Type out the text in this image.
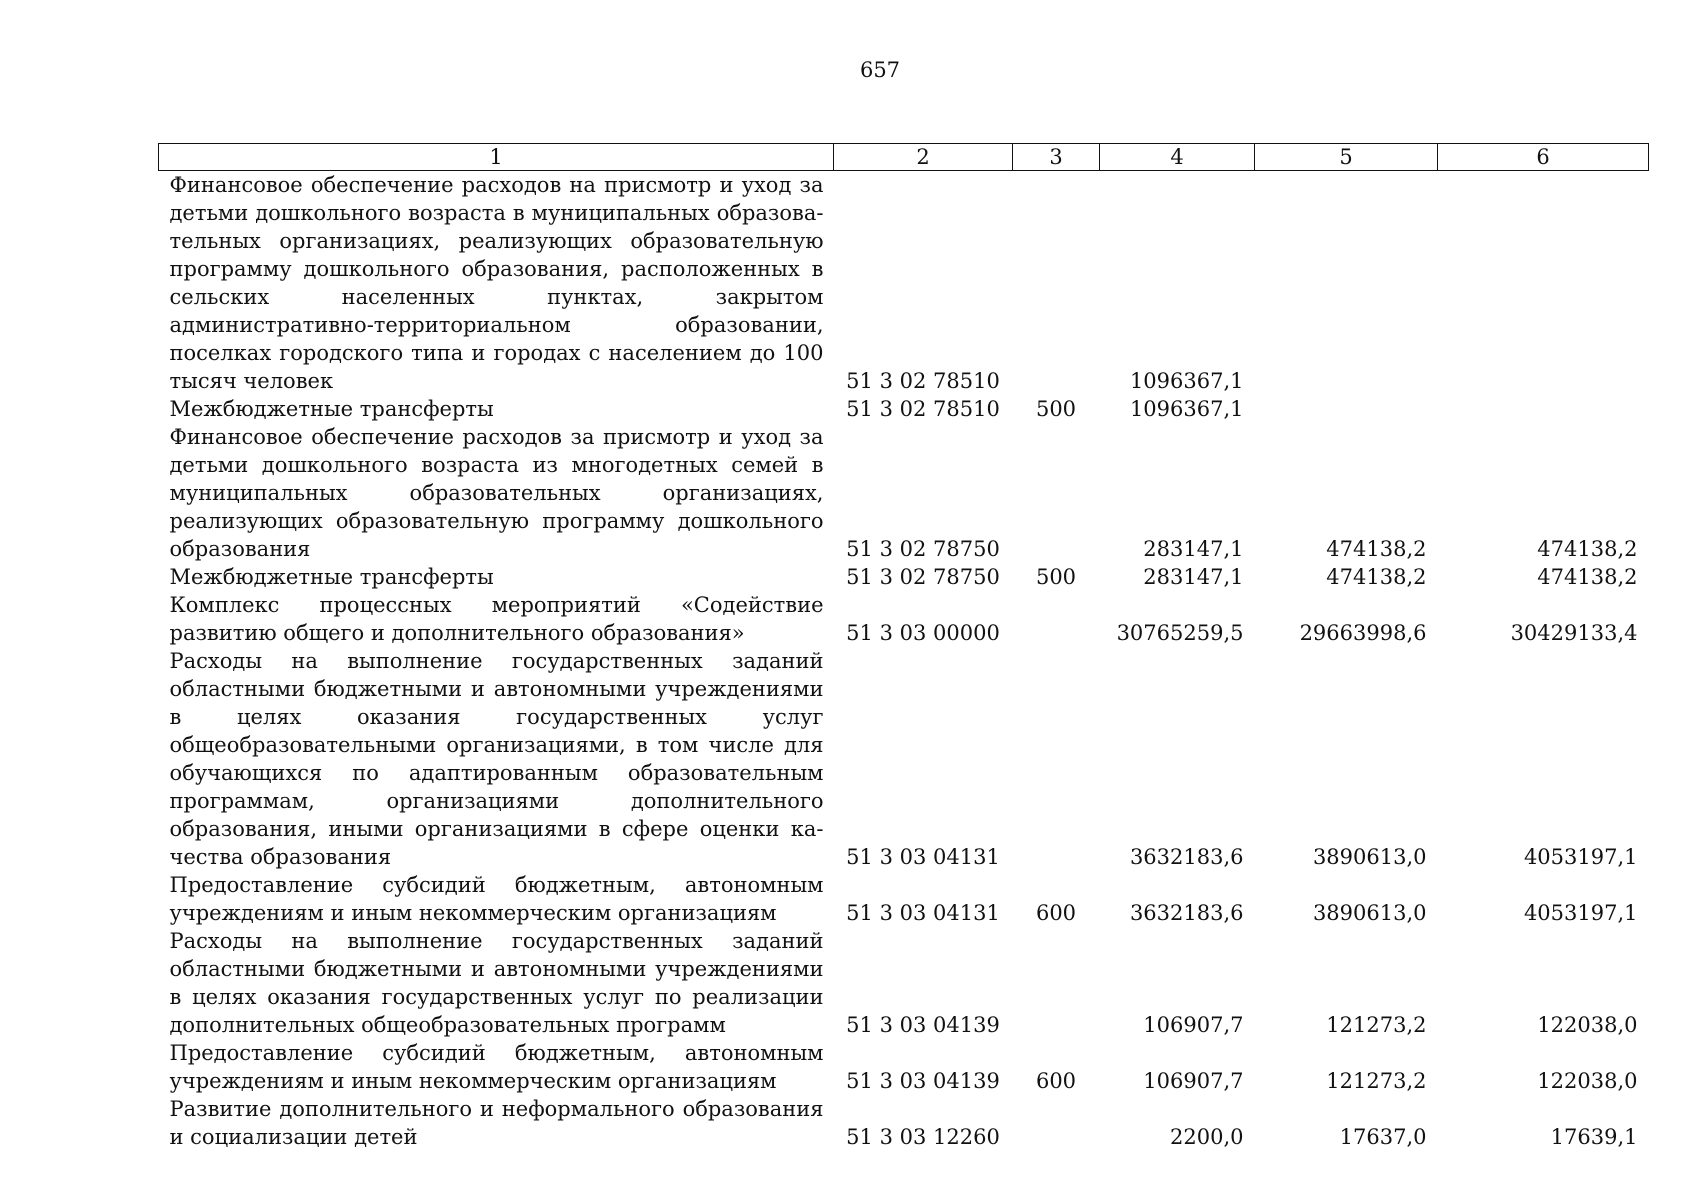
657
1	2	3	4	5	6
Финансовое обеспечение расходов на присмотр и уход за детьми дошкольного возраста в муниципальных образовательных организациях, реализующих образовательную программу дошкольного образования, расположенных в сельских населенных пунктах, закрытом административно-территориальном образовании, поселках городского типа и городах с населением до 100 тысяч человек	51 3 02 78510		1096367,1		
Межбюджетные трансферты	51 3 02 78510	500	1096367,1		
Финансовое обеспечение расходов за присмотр и уход за детьми дошкольного возраста из многодетных семей в муниципальных образовательных организациях, реализующих образовательную программу дошкольного образования	51 3 02 78750		283147,1	474138,2	474138,2
Межбюджетные трансферты	51 3 02 78750	500	283147,1	474138,2	474138,2
Комплекс процессных мероприятий «Содействие развитию общего и дополнительного образования»	51 3 03 00000		30765259,5	29663998,6	30429133,4
Расходы на выполнение государственных заданий областными бюджетными и автономными учреждениями в целях оказания государственных услуг общеобразовательными организациями, в том числе для обучающихся по адаптированным образовательным программам, организациями дополнительного образования, иными организациями в сфере оценки качества образования	51 3 03 04131		3632183,6	3890613,0	4053197,1
Предоставление субсидий бюджетным, автономным учреждениям и иным некоммерческим организациям	51 3 03 04131	600	3632183,6	3890613,0	4053197,1
Расходы на выполнение государственных заданий областными бюджетными и автономными учреждениями в целях оказания государственных услуг по реализации дополнительных общеобразовательных программ	51 3 03 04139		106907,7	121273,2	122038,0
Предоставление субсидий бюджетным, автономным учреждениям и иным некоммерческим организациям	51 3 03 04139	600	106907,7	121273,2	122038,0
Развитие дополнительного и неформального образования и социализации детей	51 3 03 12260		2200,0	17637,0	17639,1
